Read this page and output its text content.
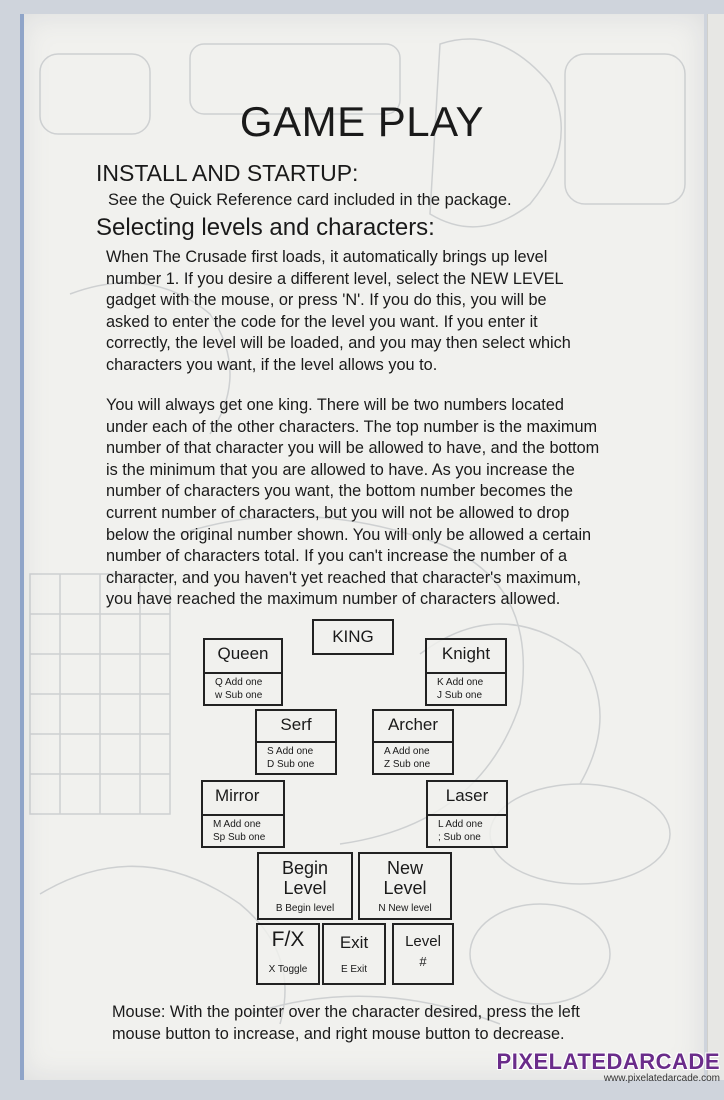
GAME PLAY
INSTALL AND STARTUP:
See the Quick Reference card included in the package.
Selecting levels and characters:

When The Crusade first loads, it automatically brings up level
number 1. If you desire a different level, select the NEW LEVEL
gadget with the mouse, or press 'N'. If you do this, you will be
asked to enter the code for the level you want. If you enter it
correctly, the level will be loaded, and you may then select which
characters you want, if the level allows you to.

You will always get one king. There will be two numbers located
under each of the other characters. The top number is the maximum
number of that character you will be allowed to have, and the bottom
is the minimum that you are allowed to have. As you increase the
number of characters you want, the bottom number becomes the
current number of characters, but you will not be allowed to drop
below the original number shown. You will only be allowed a certain
number of characters total. If you can't increase the number of a
character, and you haven't yet reached that character's maximum,
you have reached the maximum number of characters allowed.

KING
Queen
Q Add one
w Sub one
Knight
K Add one
J Sub one
Serf
S Add one
D Sub one
Archer
A Add one
Z Sub one
Mirror
M Add one
Sp Sub one
Laser
L Add one
; Sub one
Begin
Level
B Begin level
New
Level
N New level
F/X
X Toggle
Exit
E Exit
Level
#

Mouse: With the pointer over the character desired, press the left
mouse button to increase, and right mouse button to decrease.

PIXELATEDARCADE
www.pixelatedarcade.com
